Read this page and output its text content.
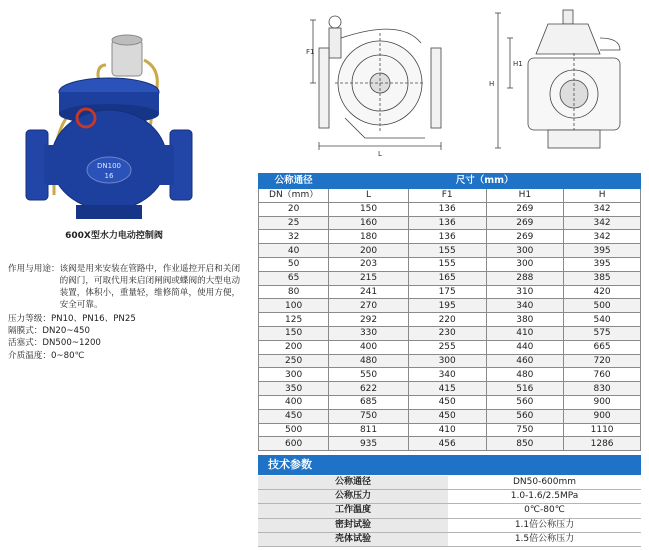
DN100
16
600X型水力电动控制阀
作用与用途： 该阀是用来安装在管路中，作业遥控开启和关闭的阀门，可取代用来启闭闸阀或蝶阀的大型电动装置，体积小，重量轻，维修简单，使用方便，安全可靠。
压力等级：PN10、PN16、PN25
隔膜式：DN20~450
活塞式：DN500~1200
介质温度：0~80℃
F1
L
H
H1
公称通径	尺寸（mm）			
DN（mm）	L	F1	H1	H
20	150	136	269	342
25	160	136	269	342
32	180	136	269	342
40	200	155	300	395
50	203	155	300	395
65	215	165	288	385
80	241	175	310	420
100	270	195	340	500
125	292	220	380	540
150	330	230	410	575
200	400	255	440	665
250	480	300	460	720
300	550	340	480	760
350	622	415	516	830
400	685	450	560	900
450	750	450	560	900
500	811	410	750	1110
600	935	456	850	1286
技术参数
公称通径	DN50-600mm
公称压力	1.0-1.6/2.5MPa
工作温度	0℃-80℃
密封试验	1.1倍公称压力
壳体试验	1.5倍公称压力
